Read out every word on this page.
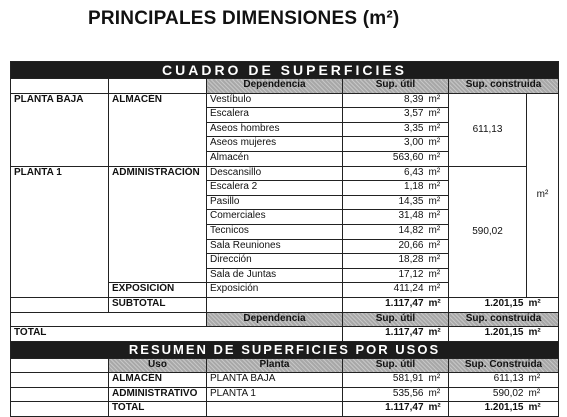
PRINCIPALES DIMENSIONES (m²)
CUADRO DE SUPERFICIES						
		Dependencia	Sup. útil		Sup. construida	
PLANTA BAJA	ALMACÉN	Vestíbulo	8,39	m²	611,13	m²
		Escalera	3,57	m²		
		Aseos hombres	3,35	m²		
		Aseos mujeres	3,00	m²		
		Almacén	563,60	m²		
PLANTA 1	ADMINISTRACIÓN	Descansillo	6,43	m²	590,02	
		Escalera 2	1,18	m²		
		Pasillo	14,35	m²		
		Comerciales	31,48	m²		
		Tecnicos	14,82	m²		
		Sala Reuniones	20,66	m²		
		Dirección	18,28	m²		
		Sala de Juntas	17,12	m²		
	EXPOSICIÓN	Exposición	411,24	m²		
	SUBTOTAL		1.117,47	m²	1.201,15	m²
		Dependencia	Sup. útil		Sup. construida	
TOTAL			1.117,47	m²	1.201,15	m²
RESUMEN DE SUPERFICIES POR USOS						
	Uso	Planta	Sup. útil		Sup. Construida	
	ALMACÉN	PLANTA BAJA	581,91	m²	611,13	m²
	ADMINISTRATIVO	PLANTA 1	535,56	m²	590,02	m²
	TOTAL		1.117,47	m²	1.201,15	m²
